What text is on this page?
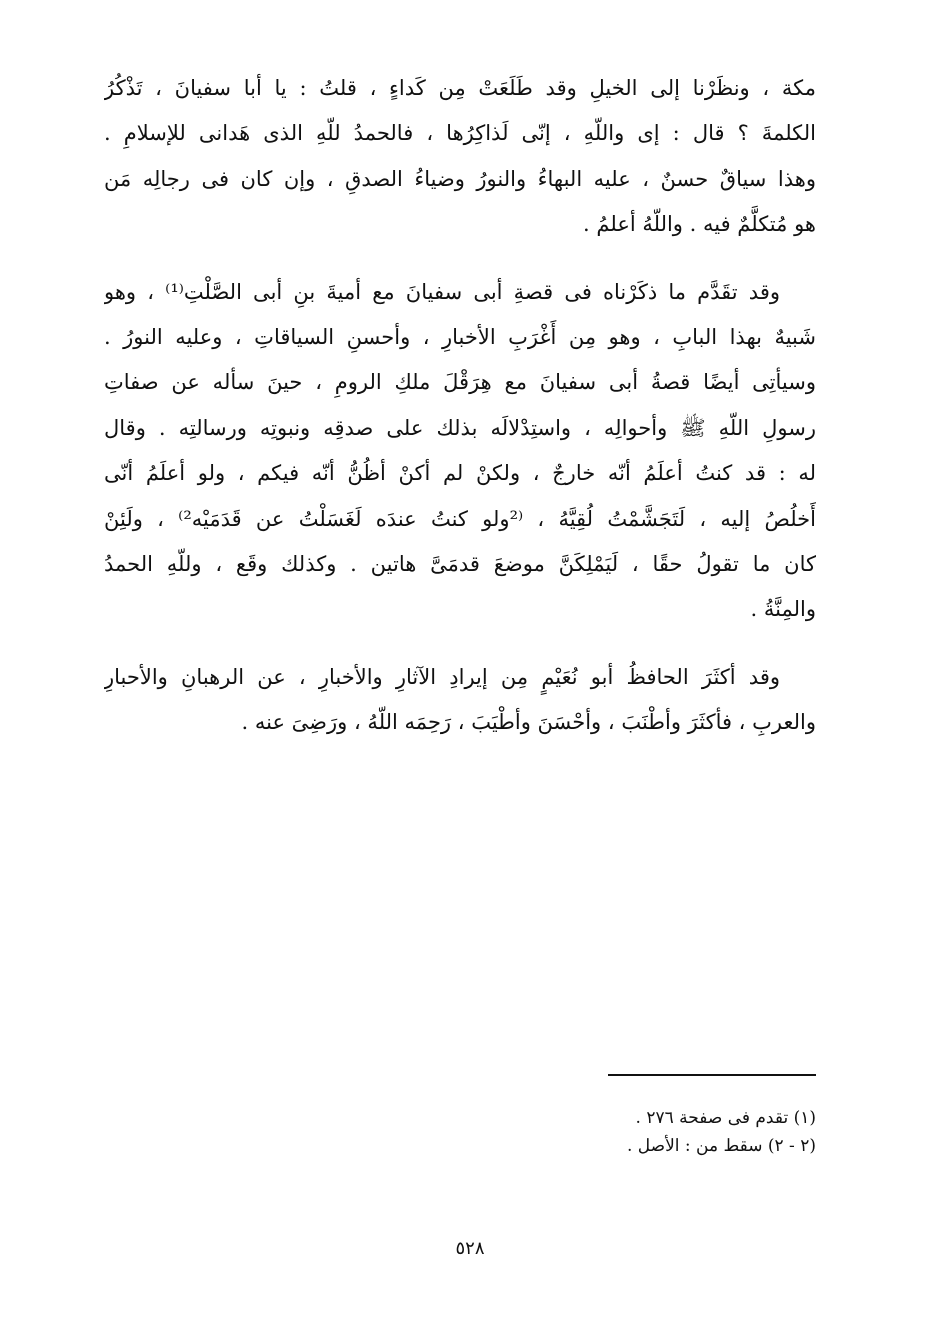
مكة ، ونظَرْنا إلى الخيلِ وقد طَلَعَتْ مِن كَداءٍ ، قلتُ : يا أبا سفيانَ ، تَذْكُرُ
الكلمةَ ؟ قال : إى واللّهِ ، إنّى لَذاكِرُها ، فالحمدُ للّهِ الذى هَدانى للإسلامِ .
وهذا سياقٌ حسنٌ ، عليه البهاءُ والنورُ وضياءُ الصدقِ ، وإن كان فى رجالِه مَن
هو مُتكلَّمٌ فيه . واللّهُ أعلمُ .
وقد تقَدَّم ما ذكَرْناه فى قصةِ أبى سفيانَ مع أميةَ بنِ أبى الصَّلْتِ⁽¹⁾ ، وهو
شَبيهٌ بهذا البابِ ، وهو مِن أَغْرَبِ الأخبارِ ، وأحسنِ السياقاتِ ، وعليه النورُ .
وسيأتِى أيضًا قصةُ أبى سفيانَ مع هِرَقْلَ ملكِ الرومِ ، حينَ سأله عن صفاتِ
رسولِ اللّهِ ﷺ وأحوالِه ، واستِدْلالَه بذلك على صدقِه ونبوتِه ورسالتِه . وقال
له : قد كنتُ أعلَمُ أنّه خارجٌ ، ولكنْ لم أكنْ أظُنُّ أنّه فيكم ، ولو أعلَمُ أنّى
أَخلُصُ إليه ، لَتَجَشَّمْتُ لُقِيَّهُ ، ⁽²ولو كنتُ عندَه لَغَسَلْتُ عن قَدَمَيْه²⁾ ، ولَئِنْ
كان ما تقولُ حقًا ، لَيَمْلِكَنَّ موضعَ قدمَىَّ هاتين . وكذلك وقَع ، وللّهِ الحمدُ
والمِنَّةُ .
وقد أكثَرَ الحافظُ أبو نُعَيْمٍ مِن إيرادِ الآثارِ والأخبارِ ، عن الرهبانِ والأحبارِ
والعربِ ، فأكثَرَ وأطْنَبَ ، وأحْسَنَ وأطْيَبَ ، رَحِمَه اللّهُ ، ورَضِىَ عنه .
(١) تقدم فى صفحة ٢٧٦ .
(٢ - ٢) سقط من : الأصل .
٥٢٨
